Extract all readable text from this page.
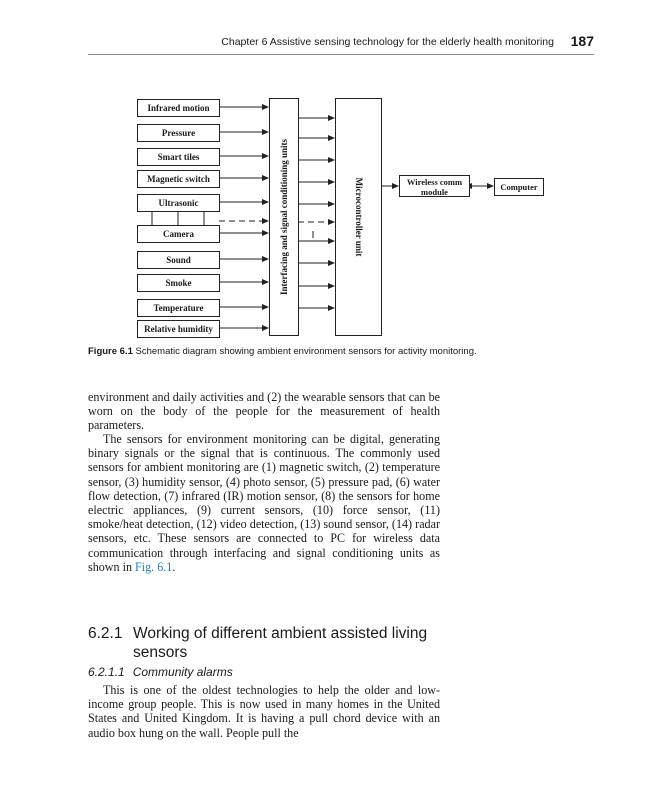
Chapter 6 Assistive sensing technology for the elderly health monitoring 187
Infrared motion
Pressure
Smart tiles
Magnetic switch
Ultrasonic
Camera
Sound
Smoke
Temperature
Relative humidity
Interfacing and signal conditioning units	Microcontroller unit	Wireless comm
module	Computer
Figure 6.1 Schematic diagram showing ambient environment sensors for activity monitoring.
environment and daily activities and (2) the wearable sensors that can be worn on the body of the people for the measurement of health parameters.
The sensors for environment monitoring can be digital, generating binary signals or the signal that is continuous. The commonly used sensors for ambient monitoring are (1) magnetic switch, (2) temperature sensor, (3) humidity sensor, (4) photo sensor, (5) pressure pad, (6) water flow detection, (7) infrared (IR) motion sensor, (8) the sensors for home electric appliances, (9) current sensors, (10) force sensor, (11) smoke/heat detection, (12) video detection, (13) sound sensor, (14) radar sensors, etc. These sensors are connected to PC for wireless data communication through interfacing and signal conditioning units as shown in Fig. 6.1.
6.2.1 Working of different ambient assisted living
sensors
6.2.1.1 Community alarms
This is one of the oldest technologies to help the older and low-income group people. This is now used in many homes in the United States and United Kingdom. It is having a pull chord device with an audio box hung on the wall. People pull the
